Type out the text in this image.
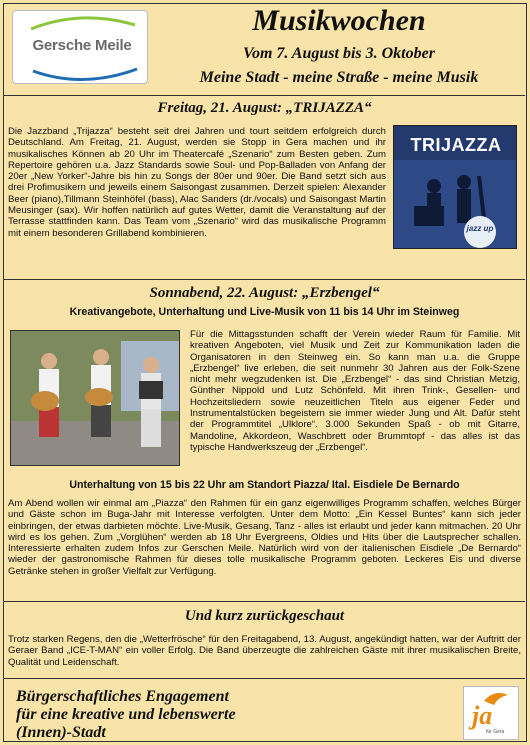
Gersche Meile
Musikwochen
Vom 7. August bis 3. Oktober
Meine Stadt - meine Straße - meine Musik
Freitag, 21. August: „TRIJAZZA“
Die Jazzband „Trijazza“ besteht seit drei Jahren und tourt seitdem erfolgreich durch Deutschland. Am Freitag, 21. August, werden sie Stopp in Gera machen und ihr musikalisches Können ab 20 Uhr im Theatercafé „Szenario“ zum Besten geben. Zum Repertoire gehören u.a. Jazz Standards sowie Soul- und Pop-Balladen von Anfang der 20er „New Yorker“-Jahre bis hin zu Songs der 80er und 90er. Die Band setzt sich aus drei Profimusikern und jeweils einem Saisongast zusammen. Derzeit spielen: Alexander Beer (piano),Tillmann Steinhöfel (bass), Alac Sanders (dr./vocals) und Saisongast Martin Meusinger (sax). Wir hoffen natürlich auf gutes Wetter, damit die Veranstaltung auf der Terrasse stattfinden kann. Das Team vom „Szenario“ wird das musikalische Programm mit einem besonderen Grillabend kombinieren.
TRIJAZZA
jazz up
Sonnabend, 22. August: „Erzbengel“
Kreativangebote, Unterhaltung und Live-Musik von 11 bis 14 Uhr im Steinweg
Für die Mittagsstunden schafft der Verein wieder Raum für Familie. Mit kreativen Angeboten, viel Musik und Zeit zur Kommunikation laden die Organisatoren in den Steinweg ein. So kann man u.a. die Gruppe „Erzbengel“ live erleben, die seit nunmehr 30 Jahren aus der Folk-Szene nicht mehr wegzudenken ist. Die „Erzbengel“ - das sind Christian Metzig, Günther Nippold und Lutz Schönfeld. Mit ihren Trink-, Gesellen- und Hochzeitsliedern sowie neuzeitlichen Titeln aus eigener Feder und Instrumentalstücken begeistern sie immer wieder Jung und Alt. Dafür steht der Programmtitel „Ulklore“. 3.000 Sekunden Spaß - ob mit Gitarre, Mandoline, Akkordeon, Waschbrett oder Brummtopf - das alles ist das typische Handwerkszeug der „Erzbengel“.
Unterhaltung von 15 bis 22 Uhr am Standort Piazza/ Ital. Eisdiele De Bernardo
Am Abend wollen wir einmal am „Piazza“ den Rahmen für ein ganz eigenwilliges Programm schaffen, welches Bürger und Gäste schon im Buga-Jahr mit Interesse verfolgten. Unter dem Motto: „Ein Kessel Buntes“ kann sich jeder einbringen, der etwas darbieten möchte. Live-Musik, Gesang, Tanz - alles ist erlaubt und jeder kann mitmachen. 20 Uhr wird es los gehen. Zum „Vorglühen“ werden ab 18 Uhr Evergreens, Oldies und Hits über die Lautsprecher schallen. Interessierte erhalten zudem Infos zur Gerschen Meile. Natürlich wird von der italienischen Eisdiele „De Bernardo“ wieder der gastronomische Rahmen für dieses tolle musikalische Programm geboten. Leckeres Eis und diverse Getränke stehen in großer Vielfalt zur Verfügung.
Und kurz zurückgeschaut
Trotz starken Regens, den die „Wetterfrösche“ für den Freitagabend, 13. August, angekündigt hatten, war der Auftritt der Geraer Band „ICE-T-MAN“ ein voller Erfolg. Die Band überzeugte die zahlreichen Gäste mit ihrer musikalischen Breite, Qualität und Leidenschaft.
Bürgerschaftliches Engagement
für eine kreative und lebenswerte
(Innen)-Stadt
ja
für Gera
